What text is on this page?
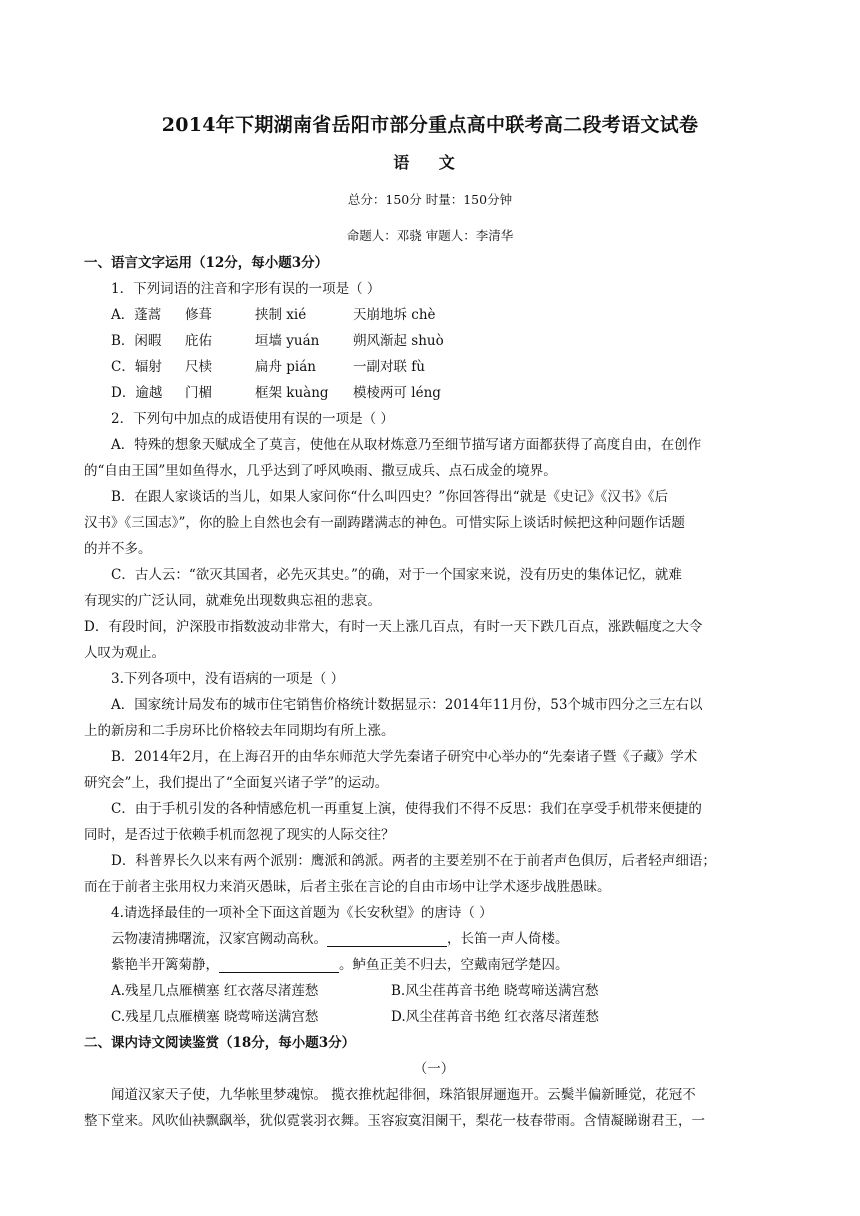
2014年下期湖南省岳阳市部分重点高中联考高二段考语文试卷
语 文
总分：150分 时量：150分钟
命题人：邓骁 审题人：李清华
一、语言文字运用（12分，每小题3分）
1．下列词语的注音和字形有误的一项是（ ）
A．蓬蒿	修葺	挟制 xié	天崩地坼 chè
B．闲暇	庇佑	垣墙 yuán	朔风渐起 shuò
C．辐射	尺椟	扁舟 pián	一副对联 fù
D．逾越	门楣	框架 kuàng	模棱两可 léng
2．下列句中加点的成语使用有误的一项是（ ）
A．特殊的想象天赋成全了莫言，使他在从取材炼意乃至细节描写诸方面都获得了高度自由，在创作
的“自由王国”里如鱼得水，几乎达到了呼风唤雨、撒豆成兵、点石成金的境界。
B．在跟人家谈话的当儿，如果人家问你“什么叫四史？”你回答得出“就是《史记》《汉书》《后
汉书》《三国志》”，你的脸上自然也会有一副踌躇满志的神色。可惜实际上谈话时候把这种问题作话题
的并不多。
C．古人云：“欲灭其国者，必先灭其史。”的确，对于一个国家来说，没有历史的集体记忆，就难
有现实的广泛认同，就难免出现数典忘祖的悲哀。
D．有段时间，沪深股市指数波动非常大，有时一天上涨几百点，有时一天下跌几百点，涨跌幅度之大令
人叹为观止。
3.下列各项中，没有语病的一项是（ ）
A．国家统计局发布的城市住宅销售价格统计数据显示：2014年11月份，53个城市四分之三左右以
上的新房和二手房环比价格较去年同期均有所上涨。
B．2014年2月，在上海召开的由华东师范大学先秦诸子研究中心举办的“先秦诸子暨《子藏》学术
研究会”上，我们提出了“全面复兴诸子学”的运动。
C．由于手机引发的各种情感危机一再重复上演，使得我们不得不反思：我们在享受手机带来便捷的
同时，是否过于依赖手机而忽视了现实的人际交往？
D．科普界长久以来有两个派别：鹰派和鸽派。两者的主要差别不在于前者声色俱厉，后者轻声细语；
而在于前者主张用权力来消灭愚昧，后者主张在言论的自由市场中让学术逐步战胜愚昧。
4.请选择最佳的一项补全下面这首题为《长安秋望》的唐诗（ ）
云物凄清拂曙流，汉家宫阙动高秋。	，长笛一声人倚楼。
紫艳半开篱菊静，	。鲈鱼正美不归去，空戴南冠学楚囚。
A.残星几点雁横塞 红衣落尽渚莲愁	B.风尘荏苒音书绝 晓莺啼送满宫愁
C.残星几点雁横塞 晓莺啼送满宫愁	D.风尘荏苒音书绝 红衣落尽渚莲愁
二、课内诗文阅读鉴赏（18分，每小题3分）
（一）
闻道汉家天子使，九华帐里梦魂惊。 揽衣推枕起徘徊，珠箔银屏逦迤开。云鬓半偏新睡觉，花冠不
整下堂来。风吹仙袂飘飖举，犹似霓裳羽衣舞。玉容寂寞泪阑干，梨花一枝春带雨。含情凝睇谢君王，一
